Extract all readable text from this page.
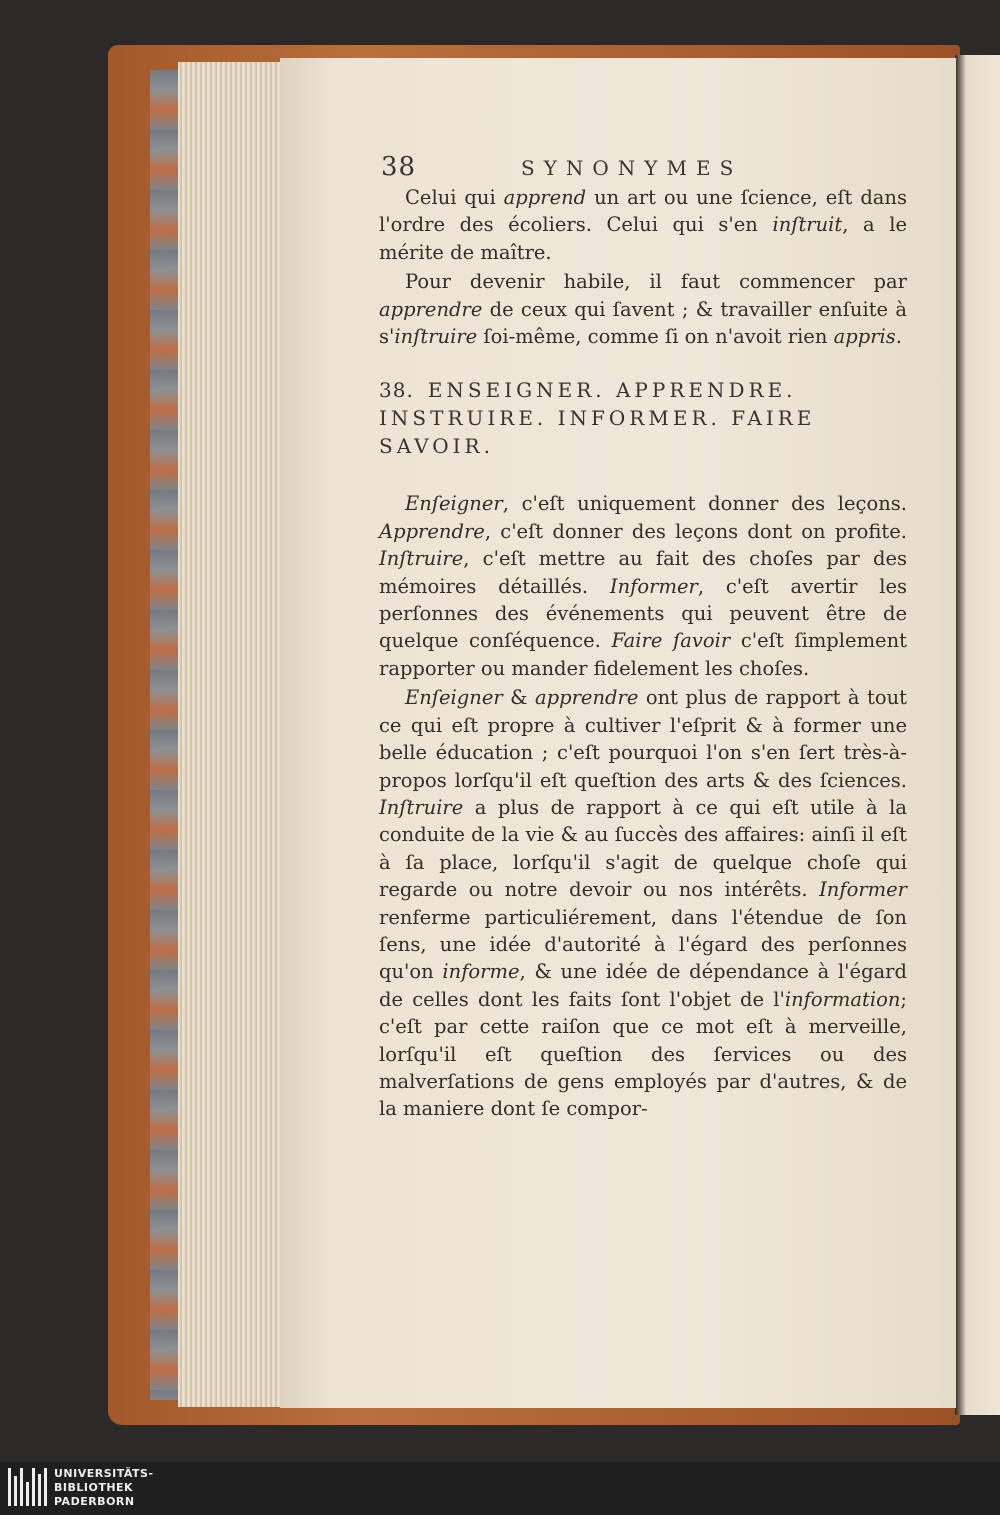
38	SYNONYMES

Celui qui apprend un art ou une ſcience, eſt dans l'ordre des écoliers. Celui qui s'en inſtruit, a le mérite de maître.

Pour devenir habile, il faut commencer par apprendre de ceux qui ſavent ; & travailler enſuite à s'inſtruire ſoi-même, comme ſi on n'avoit rien appris.

38. ENSEIGNER. APPRENDRE. INSTRUIRE. INFORMER. FAIRE SAVOIR.

Enſeigner, c'eſt uniquement donner des leçons. Apprendre, c'eſt donner des leçons dont on profite. Inſtruire, c'eſt mettre au fait des choſes par des mémoires détaillés. Informer, c'eſt avertir les perſonnes des événements qui peuvent être de quelque conſéquence. Faire ſavoir c'eſt ſimplement rapporter ou mander fidelement les choſes.

Enſeigner & apprendre ont plus de rapport à tout ce qui eſt propre à cultiver l'eſprit & à former une belle éducation ; c'eſt pourquoi l'on s'en ſert très-à-propos lorſqu'il eſt queſtion des arts & des ſciences. Inſtruire a plus de rapport à ce qui eſt utile à la conduite de la vie & au ſuccès des affaires: ainſi il eſt à ſa place, lorſqu'il s'agit de quelque choſe qui regarde ou notre devoir ou nos intérêts. Informer renferme particuliérement, dans l'étendue de ſon ſens, une idée d'autorité à l'égard des perſonnes qu'on informe, & une idée de dépendance à l'égard de celles dont les faits ſont l'objet de l'information; c'eſt par cette raiſon que ce mot eſt à merveille, lorſqu'il eſt queſtion des ſervices ou des malverſations de gens employés par d'autres, & de la maniere dont ſe compor-

UNIVERSITÄTS-
BIBLIOTHEK
PADERBORN
